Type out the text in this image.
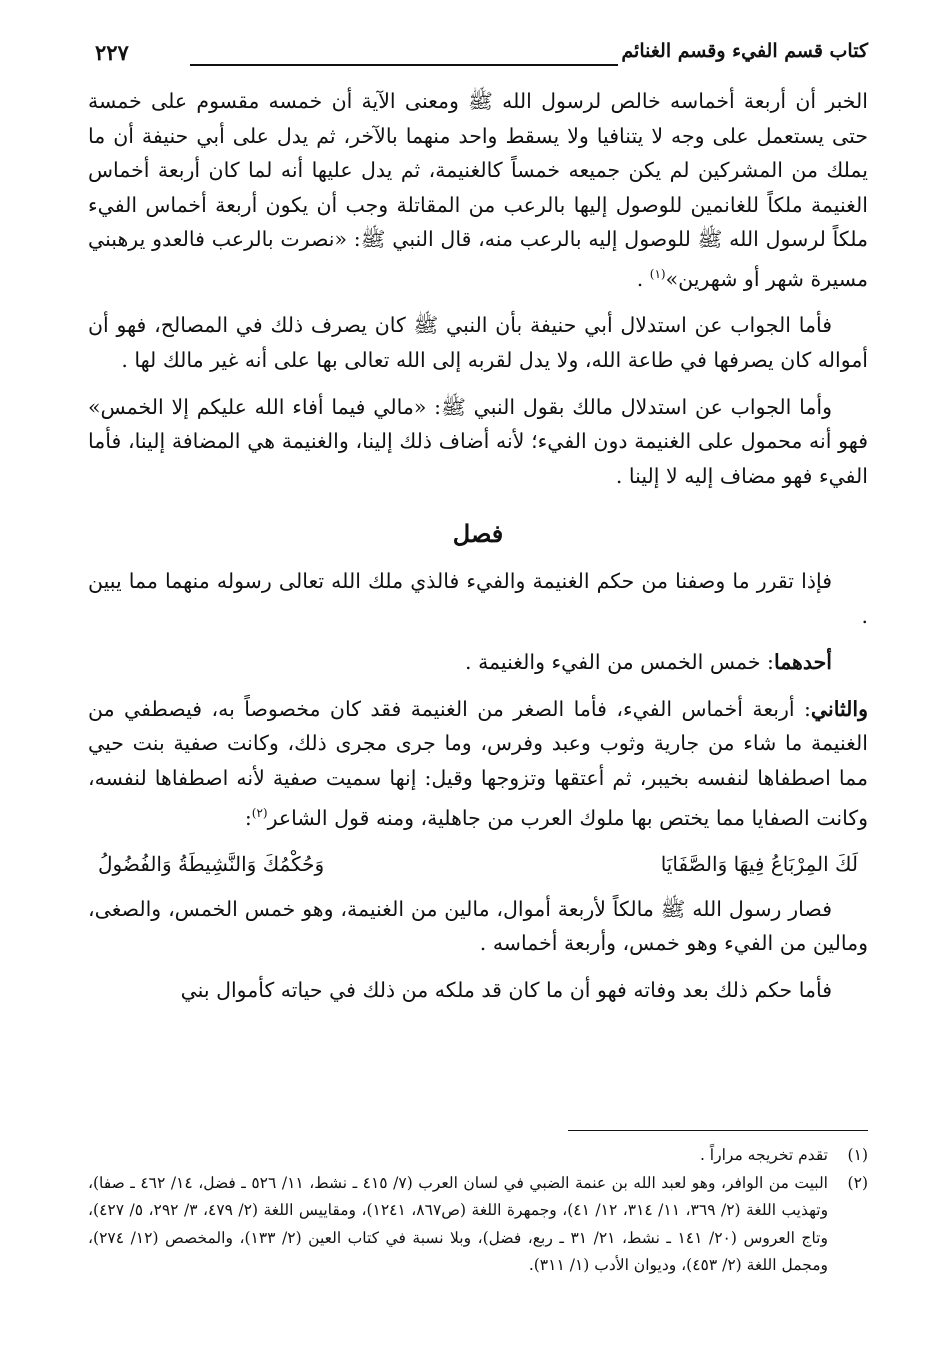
كتاب قسم الفيء وقسم الغنائم
٢٢٧

الخبر أن أربعة أخماسه خالص لرسول الله ﷺ ومعنى الآية أن خمسه مقسوم على خمسة حتى يستعمل على وجه لا يتنافيا ولا يسقط واحد منهما بالآخر، ثم يدل على أبي حنيفة أن ما يملك من المشركين لم يكن جميعه خمساً كالغنيمة، ثم يدل عليها أنه لما كان أربعة أخماس الغنيمة ملكاً للغانمين للوصول إليها بالرعب من المقاتلة وجب أن يكون أربعة أخماس الفيء ملكاً لرسول الله ﷺ للوصول إليه بالرعب منه، قال النبي ﷺ: «نصرت بالرعب فالعدو يرهبني مسيرة شهر أو شهرين»$^{(١)}$ .

فأما الجواب عن استدلال أبي حنيفة بأن النبي ﷺ كان يصرف ذلك في المصالح، فهو أن أمواله كان يصرفها في طاعة الله، ولا يدل لقربه إلى الله تعالى بها على أنه غير مالك لها .

وأما الجواب عن استدلال مالك بقول النبي ﷺ: «مالي فيما أفاء الله عليكم إلا الخمس» فهو أنه محمول على الغنيمة دون الفيء؛ لأنه أضاف ذلك إلينا، والغنيمة هي المضافة إلينا، فأما الفيء فهو مضاف إليه لا إلينا .

فصل

فإذا تقرر ما وصفنا من حكم الغنيمة والفيء فالذي ملك الله تعالى رسوله منهما مما يبين .

أحدهما: خمس الخمس من الفيء والغنيمة .

والثاني: أربعة أخماس الفيء، فأما الصغر من الغنيمة فقد كان مخصوصاً به، فيصطفي من الغنيمة ما شاء من جارية وثوب وعبد وفرس، وما جرى مجرى ذلك، وكانت صفية بنت حيي مما اصطفاها لنفسه بخيبر، ثم أعتقها وتزوجها وقيل: إنها سميت صفية لأنه اصطفاها لنفسه، وكانت الصفايا مما يختص بها ملوك العرب من جاهلية، ومنه قول الشاعر$^{(٢)}$:

لَكَ المِرْبَاعُ فِيهَا وَالصَّفَايَا
وَحُكْمُكَ وَالنَّشِيطَةُ وَالفُضُولُ

فصار رسول الله ﷺ مالكاً لأربعة أموال، مالين من الغنيمة، وهو خمس الخمس، والصغى، ومالين من الفيء وهو خمس، وأربعة أخماسه .

فأما حكم ذلك بعد وفاته فهو أن ما كان قد ملكه من ذلك في حياته كأموال بني

(١)
تقدم تخريجه مراراً .
(٢)
البيت من الوافر، وهو لعبد الله بن عنمة الضبي في لسان العرب (٧/ ٤١٥ ـ نشط، ١١/ ٥٢٦ ـ فضل، ١٤/ ٤٦٢ ـ صفا)، وتهذيب اللغة (٢/ ٣٦٩، ١١/ ٣١٤، ١٢/ ٤١)، وجمهرة اللغة (ص٨٦٧، ١٢٤١)، ومقاييس اللغة (٢/ ٤٧٩، ٣/ ٢٩٢، ٥/ ٤٢٧)، وتاج العروس (٢٠/ ١٤١ ـ نشط، ٢١/ ٣١ ـ ربع، فضل)، وبلا نسبة في كتاب العين (٢/ ١٣٣)، والمخصص (١٢/ ٢٧٤)، ومجمل اللغة (٢/ ٤٥٣)، وديوان الأدب (١/ ٣١١).
